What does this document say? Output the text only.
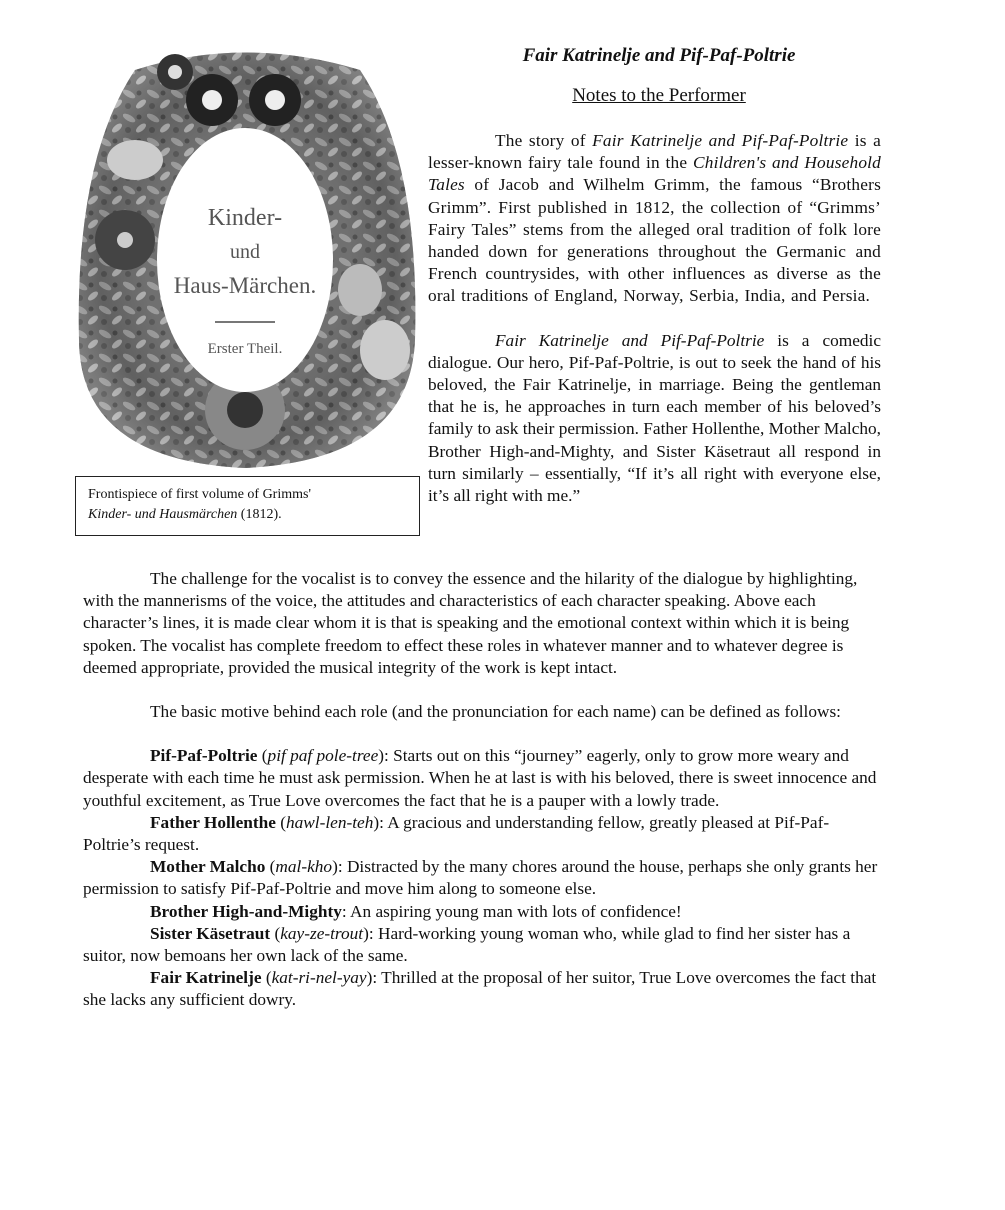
Kinder-
und
Haus-Märchen.
Erster Theil.
Frontispiece of first volume of Grimms'
Kinder- und Hausmärchen (1812).
Fair Katrinelje and Pif-Paf-Poltrie
Notes to the Performer

The story of Fair Katrinelje and Pif-Paf-Poltrie is a lesser-known fairy tale found in the Children's and Household Tales of Jacob and Wilhelm Grimm, the famous “Brothers Grimm”. First published in 1812, the collection of “Grimms’ Fairy Tales” stems from the alleged oral tradition of folk lore handed down for generations throughout the Germanic and French countrysides, with other influences as diverse as the oral traditions of England, Norway, Serbia, India, and Persia.

Fair Katrinelje and Pif-Paf-Poltrie is a comedic dialogue. Our hero, Pif-Paf-Poltrie, is out to seek the hand of his beloved, the Fair Katrinelje, in marriage. Being the gentleman that he is, he approaches in turn each member of his beloved’s family to ask their permission. Father Hollenthe, Mother Malcho, Brother High-and-Mighty, and Sister Käsetraut all respond in turn similarly – essentially, “If it’s all right with everyone else, it’s all right with me.”

The challenge for the vocalist is to convey the essence and the hilarity of the dialogue by highlighting, with the mannerisms of the voice, the attitudes and characteristics of each character speaking. Above each character’s lines, it is made clear whom it is that is speaking and the emotional context within which it is being spoken. The vocalist has complete freedom to effect these roles in whatever manner and to whatever degree is deemed appropriate, provided the musical integrity of the work is kept intact.

The basic motive behind each role (and the pronunciation for each name) can be defined as follows:

Pif-Paf-Poltrie (pif paf pole-tree): Starts out on this “journey” eagerly, only to grow more weary and desperate with each time he must ask permission. When he at last is with his beloved, there is sweet innocence and youthful excitement, as True Love overcomes the fact that he is a pauper with a lowly trade.

Father Hollenthe (hawl-len-teh): A gracious and understanding fellow, greatly pleased at Pif-Paf-Poltrie’s request.

Mother Malcho (mal-kho): Distracted by the many chores around the house, perhaps she only grants her permission to satisfy Pif-Paf-Poltrie and move him along to someone else.

Brother High-and-Mighty: An aspiring young man with lots of confidence!

Sister Käsetraut (kay-ze-trout): Hard-working young woman who, while glad to find her sister has a suitor, now bemoans her own lack of the same.

Fair Katrinelje (kat-ri-nel-yay): Thrilled at the proposal of her suitor, True Love overcomes the fact that she lacks any sufficient dowry.
